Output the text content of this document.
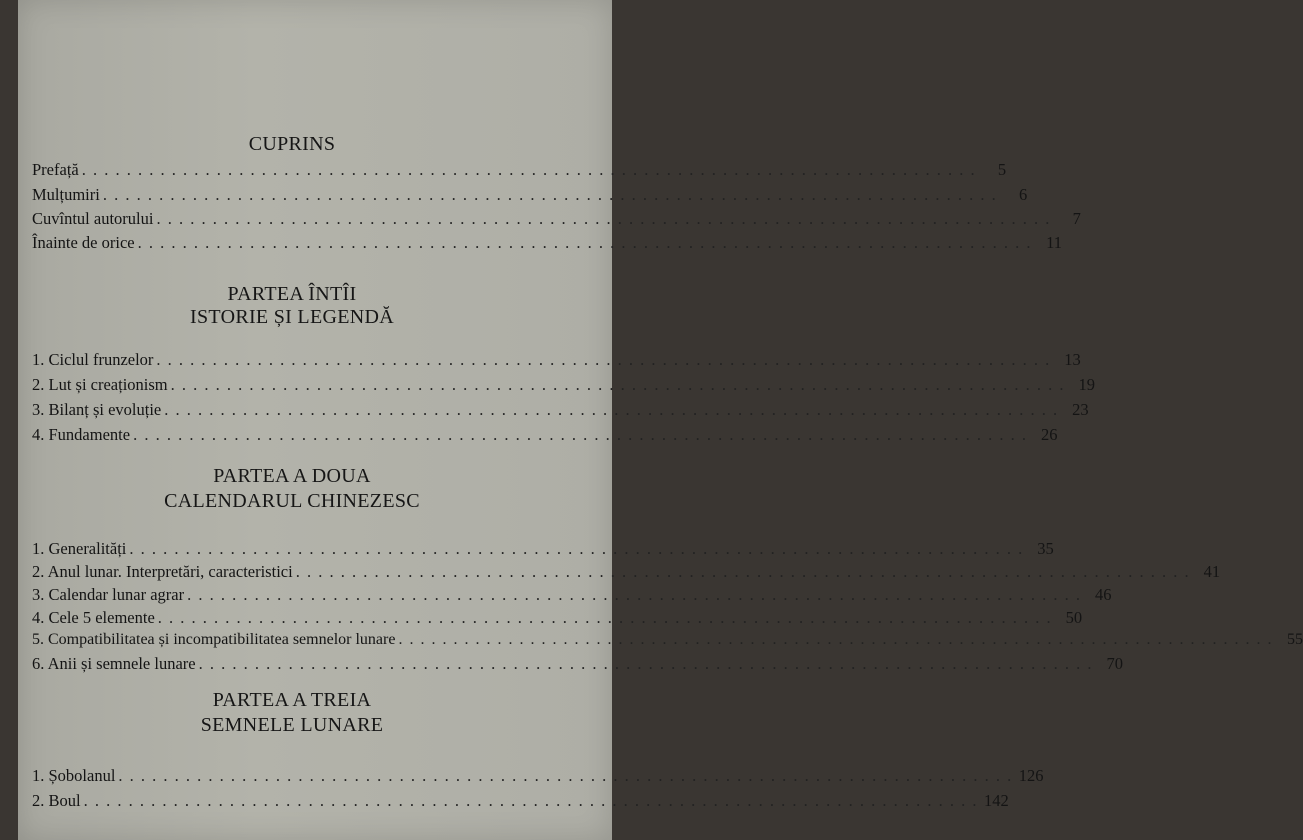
CUPRINS
Prefață . . . . . . . . . . . . . . . . . . . . . . . . . . . . . . . . . . . . . . . . . . . . . . . . . . . . . . . . . . . . . . . . . . . . . . . . . . . . . . . .	5
Mulțumiri . . . . . . . . . . . . . . . . . . . . . . . . . . . . . . . . . . . . . . . . . . . . . . . . . . . . . . . . . . . . . . . . . . . . . . . . . . . . . . . .	6
Cuvîntul autorului . . . . . . . . . . . . . . . . . . . . . . . . . . . . . . . . . . . . . . . . . . . . . . . . . . . . . . . . . . . . . . . . . . . . . . . . . . . . . . . .	7
Înainte de orice . . . . . . . . . . . . . . . . . . . . . . . . . . . . . . . . . . . . . . . . . . . . . . . . . . . . . . . . . . . . . . . . . . . . . . . . . . . . . . . . 11
PARTEA ÎNTÎI
ISTORIE ȘI LEGENDĂ
1. Ciclul frunzelor . . . . . . . . . . . . . . . . . . . . . . . . . . . . . . . . . . . . . . . . . . . . . . . . . . . . . . . . . . . . . . . . . . . . . . . . . . . . . . . . 13
2. Lut și creaționism . . . . . . . . . . . . . . . . . . . . . . . . . . . . . . . . . . . . . . . . . . . . . . . . . . . . . . . . . . . . . . . . . . . . . . . . . . . . . . . . 19
3. Bilanț și evoluție . . . . . . . . . . . . . . . . . . . . . . . . . . . . . . . . . . . . . . . . . . . . . . . . . . . . . . . . . . . . . . . . . . . . . . . . . . . . . . . . 23
4. Fundamente . . . . . . . . . . . . . . . . . . . . . . . . . . . . . . . . . . . . . . . . . . . . . . . . . . . . . . . . . . . . . . . . . . . . . . . . . . . . . . . . 26
PARTEA A DOUA
CALENDARUL CHINEZESC
1. Generalități . . . . . . . . . . . . . . . . . . . . . . . . . . . . . . . . . . . . . . . . . . . . . . . . . . . . . . . . . . . . . . . . . . . . . . . . . . . . . . . . 35
2. Anul lunar. Interpretări, caracteristici . . . . . . . . . . . . . . . . . . . . . . . . . . . . . . . . . . . . . . . . . . . . . . . . . . . . . . . . . . . . . . . . . . . . . . . . . . . . . . . . 41
3. Calendar lunar agrar . . . . . . . . . . . . . . . . . . . . . . . . . . . . . . . . . . . . . . . . . . . . . . . . . . . . . . . . . . . . . . . . . . . . . . . . . . . . . . . . 46
4. Cele 5 elemente . . . . . . . . . . . . . . . . . . . . . . . . . . . . . . . . . . . . . . . . . . . . . . . . . . . . . . . . . . . . . . . . . . . . . . . . . . . . . . . . 50
5. Compatibilitatea și incompatibilitatea semnelor lunare . . . . . . . . . . . . . . . . . . . . . . . . . . . . . . . . . . . . . . . . . . . . . . . . . . . . . . . . . . . . . . . . . . . . . . . . . . . . . . . . 55
6. Anii și semnele lunare . . . . . . . . . . . . . . . . . . . . . . . . . . . . . . . . . . . . . . . . . . . . . . . . . . . . . . . . . . . . . . . . . . . . . . . . . . . . . . . . 70
PARTEA A TREIA
SEMNELE LUNARE
1. Șobolanul . . . . . . . . . . . . . . . . . . . . . . . . . . . . . . . . . . . . . . . . . . . . . . . . . . . . . . . . . . . . . . . . . . . . . . . . . . . . . . . . 126
2. Boul . . . . . . . . . . . . . . . . . . . . . . . . . . . . . . . . . . . . . . . . . . . . . . . . . . . . . . . . . . . . . . . . . . . . . . . . . . . . . . . . 142
